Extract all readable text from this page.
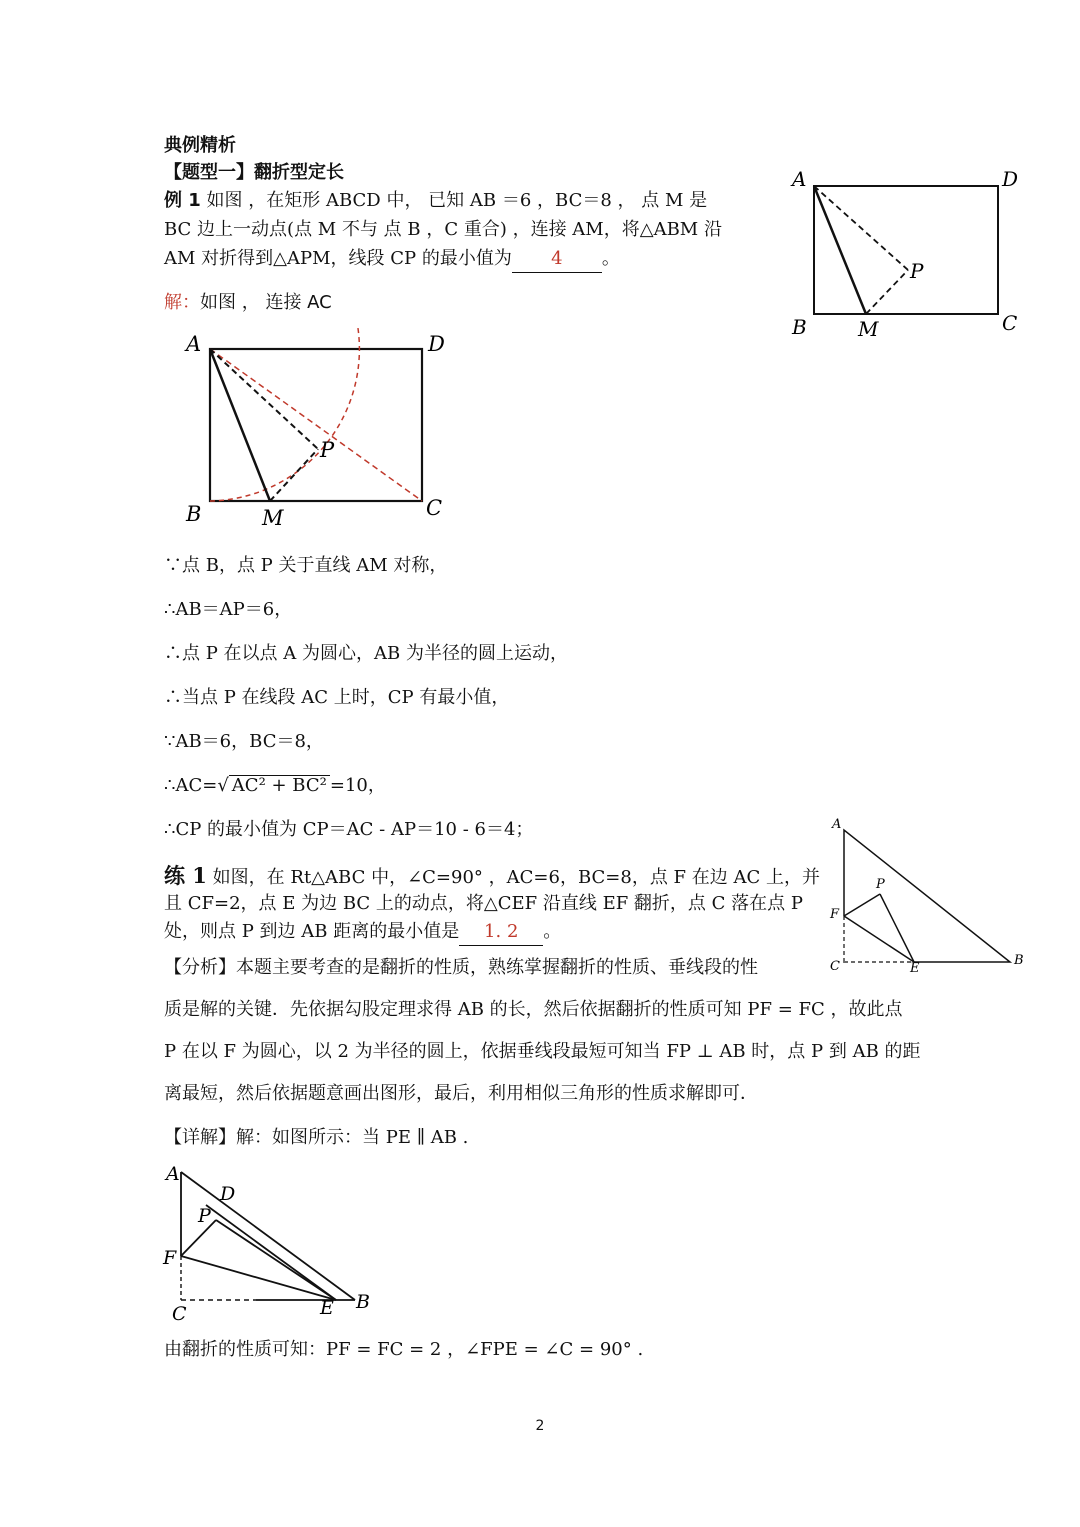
典例精析
【题型一】翻折型定长
例 1 如图 ，在矩形 ABCD 中， 已知 AB ＝6 ，BC＝8 ， 点 M 是
BC 边上一动点(点 M 不与 点 B ，C 重合) ，连接 AM，将△ABM 沿
AM 对折得到△APM，线段 CP 的最小值为 4 。
A	D
B	M	C
P
解：如图 ， 连接 AC
A	D
B	M	C
P
∵点 B，点 P 关于直线 AM 对称，
∴AB＝AP＝6，
∴点 P 在以点 A 为圆心，AB 为半径的圆上运动，
∴当点 P 在线段 AC 上时，CP 有最小值，
∵AB＝6，BC＝8，
∴AC=√ AC² + BC² =10，
∴CP 的最小值为 CP＝AC - AP＝10 - 6＝4；	A
F
C	E
B
P
练 1 如图，在 Rt△ABC 中，∠C=90° ，AC=6，BC=8，点 F 在边 AC 上，并
且 CF=2，点 E 为边 BC 上的动点，将△CEF 沿直线 EF 翻折，点 C 落在点 P
处，则点 P 到边 AB 距离的最小值是 1. 2 。
【分析】本题主要考查的是翻折的性质，熟练掌握翻折的性质、垂线段的性
质是解的关键．先依据勾股定理求得 AB 的长，然后依据翻折的性质可知 PF = FC ，故此点
P 在以 F 为圆心，以 2 为半径的圆上，依据垂线段最短可知当 FP ⊥ AB 时，点 P 到 AB 的距
离最短，然后依据题意画出图形，最后，利用相似三角形的性质求解即可．
【详解】解：如图所示：当 PE ∥ AB .
A
D
P
F
C	E B
由翻折的性质可知：PF = FC = 2 ，∠FPE = ∠C = 90° .
2
